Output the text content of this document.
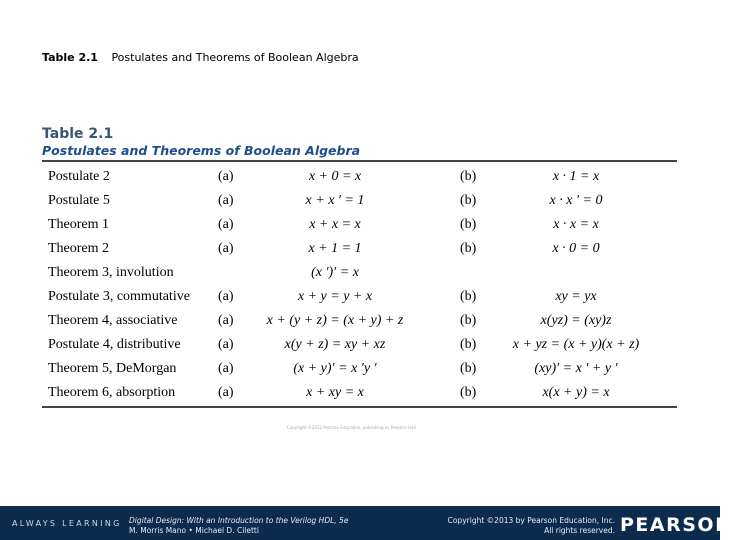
Table 2.1 Postulates and Theorems of Boolean Algebra
Table 2.1
Postulates and Theorems of Boolean Algebra
Postulate 2	(a)	x + 0 = x	(b)	x · 1 = x
Postulate 5	(a)	x + x ′ = 1	(b)	x · x ′ = 0
Theorem 1	(a)	x + x = x	(b)	x · x = x
Theorem 2	(a)	x + 1 = 1	(b)	x · 0 = 0
Theorem 3, involution	(x ′)′ = x
Postulate 3, commutative (a)	x + y = y + x	(b)	xy = yx
Theorem 4, associative	(a)	x + (y + z) = (x + y) + z	(b)	x(yz) = (xy)z
Postulate 4, distributive	(a)	x(y + z) = xy + xz	(b)	x + yz = (x + y)(x + z)
Theorem 5, DeMorgan	(a)	(x + y)′ = x ′y ′	(b)	(xy)′ = x ′ + y ′
Theorem 6, absorption	(a)	x + xy = x	(b)	x(x + y) = x
Copyright ©2012 Pearson Education, publishing as Prentice Hall
ALWAYS LEARNING Digital Design: With an Introduction to the Verilog HDL, 5e
M. Morris Mano • Michael D. Ciletti
Copyright ©2013 by Pearson Education, Inc.
All rights reserved. PEARSON
